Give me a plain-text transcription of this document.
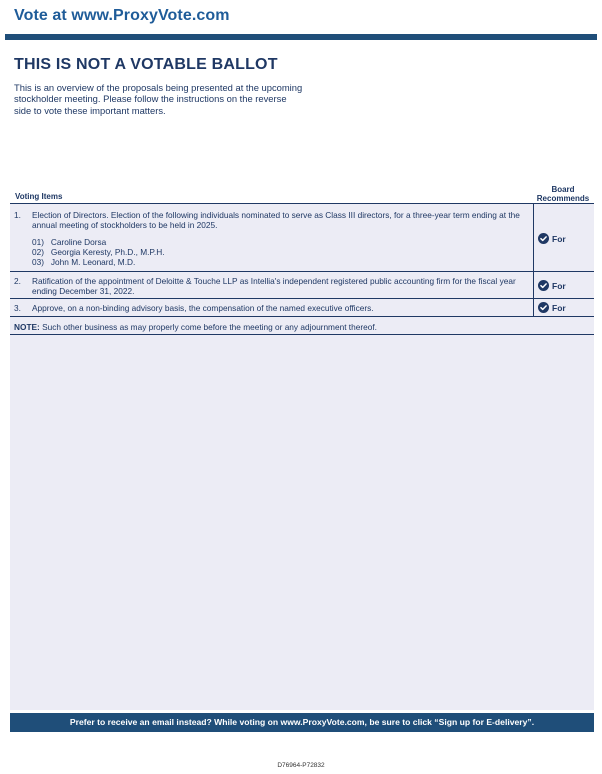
Vote at www.ProxyVote.com
THIS IS NOT A VOTABLE BALLOT
This is an overview of the proposals being presented at the upcoming stockholder meeting. Please follow the instructions on the reverse side to vote these important matters.
Voting Items
Board
Recommends
1. Election of Directors. Election of the following individuals nominated to serve as Class III directors, for a three-year term ending at the annual meeting of stockholders to be held in 2025.
01)   Caroline Dorsa
02)   Georgia Keresty, Ph.D., M.P.H.
03)   John M. Leonard, M.D.
For
2. Ratification of the appointment of Deloitte & Touche LLP as Intellia's independent registered public accounting firm for the fiscal year ending December 31, 2022.
For
3. Approve, on a non-binding advisory basis, the compensation of the named executive officers.	For
NOTE: Such other business as may properly come before the meeting or any adjournment thereof.
Prefer to receive an email instead? While voting on www.ProxyVote.com, be sure to click “Sign up for E-delivery”.
D76964-P72832
